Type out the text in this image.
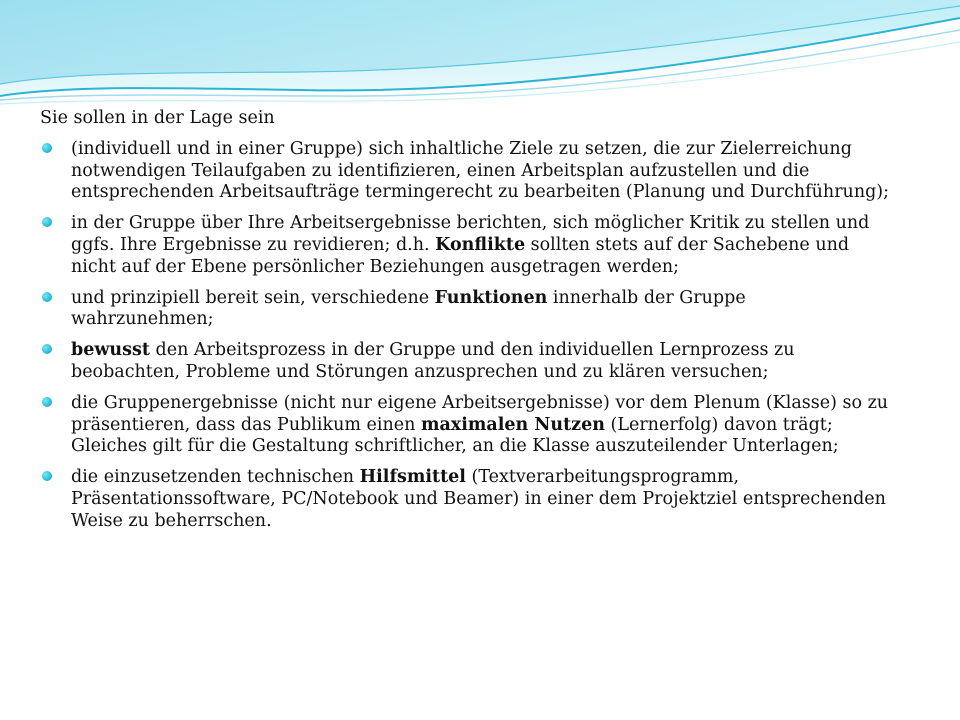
Sie sollen in der Lage sein

(individuell und in einer Gruppe) sich inhaltliche Ziele zu setzen, die zur Zielerreichung notwendigen Teilaufgaben zu identifizieren, einen Arbeitsplan aufzustellen und die entsprechenden Arbeitsaufträge termingerecht zu bearbeiten (Planung und Durchführung);
in der Gruppe über Ihre Arbeitsergebnisse berichten, sich möglicher Kritik zu stellen und ggfs. Ihre Ergebnisse zu revidieren; d.h. Konflikte sollten stets auf der Sachebene und nicht auf der Ebene persönlicher Beziehungen ausgetragen werden;
und prinzipiell bereit sein, verschiedene Funktionen innerhalb der Gruppe wahrzunehmen;
bewusst den Arbeitsprozess in der Gruppe und den individuellen Lernprozess zu beobachten, Probleme und Störungen anzusprechen und zu klären versuchen;
die Gruppenergebnisse (nicht nur eigene Arbeitsergebnisse) vor dem Plenum (Klasse) so zu präsentieren, dass das Publikum einen maximalen Nutzen (Lernerfolg) davon trägt; Gleiches gilt für die Gestaltung schriftlicher, an die Klasse auszuteilender Unterlagen;
die einzusetzenden technischen Hilfsmittel (Textverarbeitungsprogramm, Präsentationssoftware, PC/Notebook und Beamer) in einer dem Projektziel entsprechenden Weise zu beherrschen.
